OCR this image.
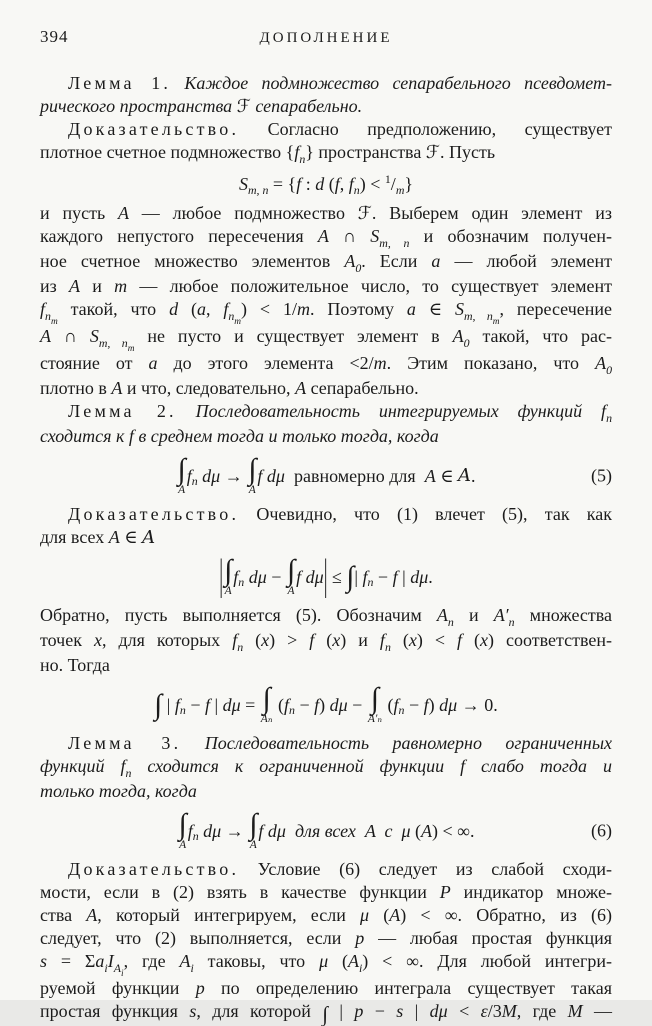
394	ДОПОЛНЕНИЕ
Лемма 1. Каждое подмножество сепарабельного псевдомет-
рического пространства ℱ сепарабельно.
Доказательство. Согласно предположению, существует
плотное счетное подмножество $\{f_n\}$ пространства ℱ. Пусть
S m, n = { f : d ( f , f n ) < 1 / m }
и пусть A — любое подмножество ℱ. Выберем один элемент из
каждого непустого пересечения A ∩ $S_{m, n}$ и обозначим получен-
ное счетное множество элементов $A_0$. Если a — любой элемент
из A и m — любое положительное число, то существует элемент
$f_{nm}$ такой, что d (a, $f_{nm}) < 1/m$. Поэтому a ∈ $S_{m, nm}$, пересечение
A ∩ $S_{m, nm}$ не пусто и существует элемент в $A_0$ такой, что рас-
стояние от a до этого элемента <2/m. Этим показано, что $A_0$
плотно в A и что, следовательно, A сепарабельно.
Лемма 2. Последовательность интегрируемых функций $f_n$
сходится к f в среднем тогда и только тогда, когда
∫
A
f n dμ → ∫
A
f dμ равномерно для A ∈ A .	(5)
Доказательство. Очевидно, что (1) влечет (5), так как
для всех A ∈ A
| ∫
A
f n dμ − ∫
A
f dμ | ≤ ∫ | f n − f | dμ .
Обратно, пусть выполняется (5). Обозначим $A_n$ и $A'_n$ множества
точек x, для которых $f_n$ (x) > f (x) и $f_n$ (x) < f (x) соответствен-
но. Тогда
∫ | f n − f | dμ = ∫
Aₙ
( f n − f ) dμ − ∫
A′ₙ
( f n − f ) dμ → 0.
Лемма 3. Последовательность равномерно ограниченных
функций $f_n$ сходится к ограниченной функции f слабо тогда и
только тогда, когда
∫
A
f n dμ → ∫
A
f dμ  для всех  A  с  μ ( A ) < ∞.	(6)
Доказательство. Условие (6) следует из слабой сходи-
мости, если в (2) взять в качестве функции P индикатор множе-
ства A, который интегрируем, если μ (A) < ∞. Обратно, из (6)
следует, что (2) выполняется, если p — любая простая функция
$s = \Sigma a_iI_{Ai}$, где $A_i$ таковы, что μ $(A_i)$ < ∞. Для любой интегри-
руемой функции p по определению интеграла существует такая
простая функция s, для которой ∫ | p − s | dμ < ε/3M, где M —
